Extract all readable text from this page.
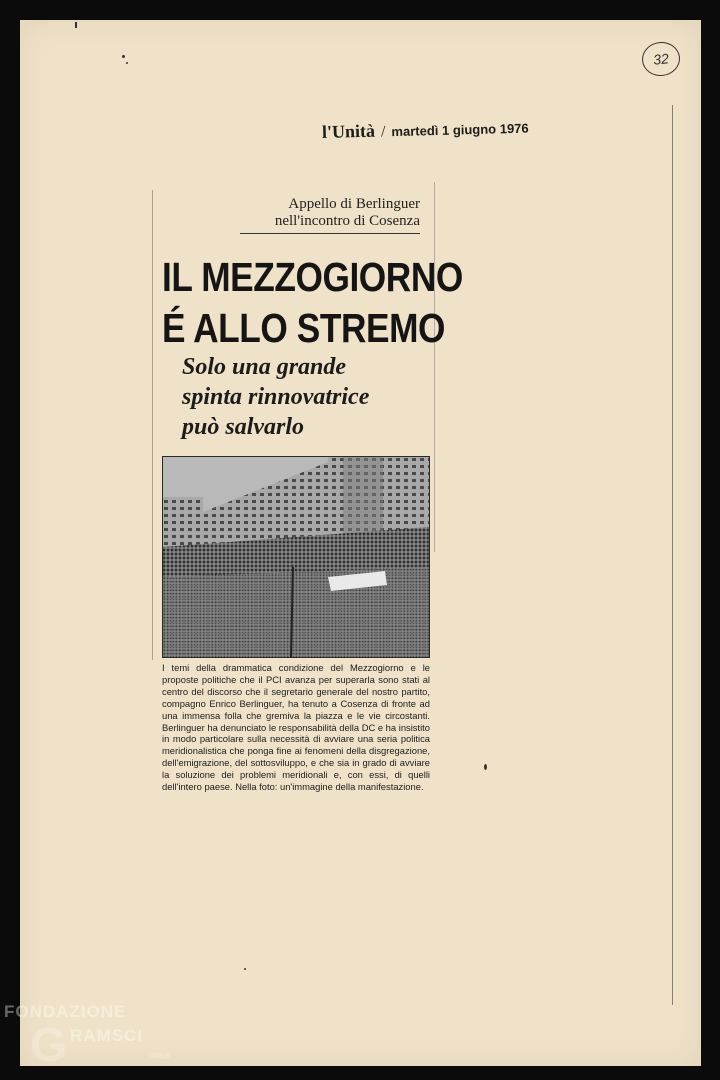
32
l'Unità / martedì 1 giugno 1976
Appello di Berlinguer
nell'incontro di Cosenza
IL MEZZOGIORNO
É ALLO STREMO
Solo una grande
spinta rinnovatrice
può salvarlo
I temi della drammatica condizione del Mezzogiorno e le proposte politiche che il PCI avanza per superarla sono stati al centro del discorso che il segretario generale del nostro partito, compagno Enrico Berlinguer, ha tenuto a Cosenza di fronte ad una immensa folla che gremiva la piazza e le vie circostanti. Berlinguer ha denunciato le responsabilità della DC e ha insistito in modo particolare sulla necessità di avviare una seria politica meridionalistica che ponga fine ai fenomeni della disgregazione, dell'emigrazione, del sottosviluppo, e che sia in grado di avviare la soluzione dei problemi meridionali e, con essi, di quelli dell'intero paese. Nella foto: un'immagine della manifestazione.
FONDAZIONE
G RAMSCI
onlus
